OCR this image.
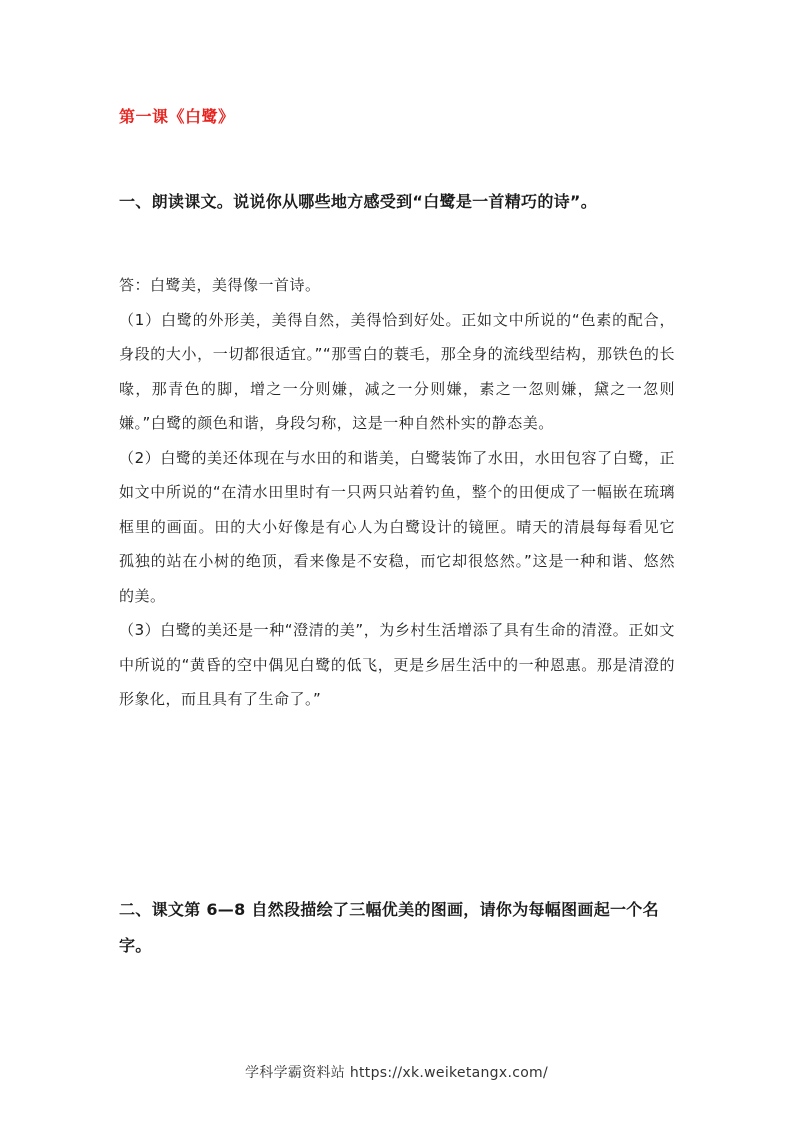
第一课《白鹭》
一、朗读课文。说说你从哪些地方感受到“白鹭是一首精巧的诗”。

答：白鹭美，美得像一首诗。

（1）白鹭的外形美，美得自然，美得恰到好处。正如文中所说的“色素的配合，身段的大小，一切都很适宜。”“那雪白的蓑毛，那全身的流线型结构，那铁色的长喙，那青色的脚，增之一分则嫌，减之一分则嫌，素之一忽则嫌，黛之一忽则嫌。”白鹭的颜色和谐，身段匀称，这是一种自然朴实的静态美。

（2）白鹭的美还体现在与水田的和谐美，白鹭装饰了水田，水田包容了白鹭，正如文中所说的“在清水田里时有一只两只站着钓鱼，整个的田便成了一幅嵌在琉璃框里的画面。田的大小好像是有心人为白鹭设计的镜匣。晴天的清晨每每看见它孤独的站在小树的绝顶，看来像是不安稳，而它却很悠然。”这是一种和谐、悠然的美。

（3）白鹭的美还是一种“澄清的美”，为乡村生活增添了具有生命的清澄。正如文中所说的“黄昏的空中偶见白鹭的低飞，更是乡居生活中的一种恩惠。那是清澄的形象化，而且具有了生命了。”

二、课文第 6—8 自然段描绘了三幅优美的图画，请你为每幅图画起一个名字。

学科学霸资料站 https://xk.weiketangx.com/
